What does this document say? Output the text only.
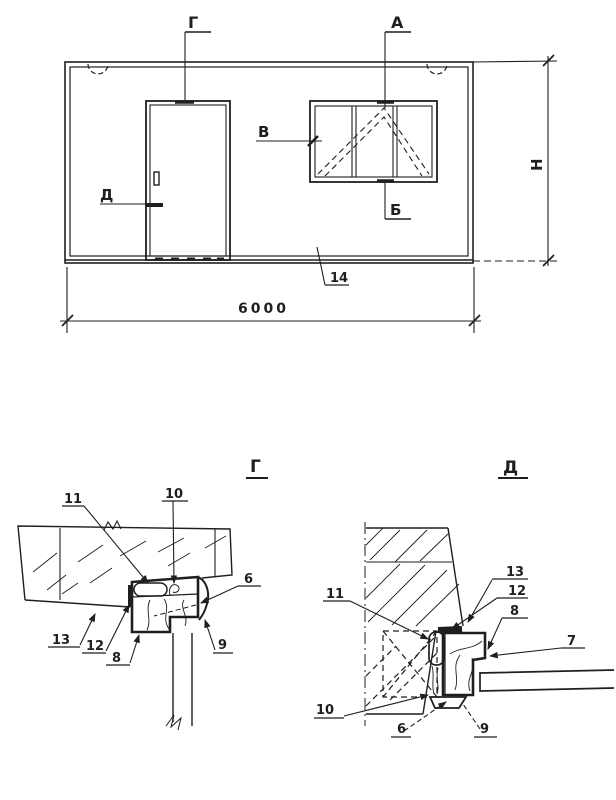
Г	А
Б
В
Д
14
6000
Н
Г
11	10
6
13 12
8
9
Д
11
13
12
8
7
10
6	9
